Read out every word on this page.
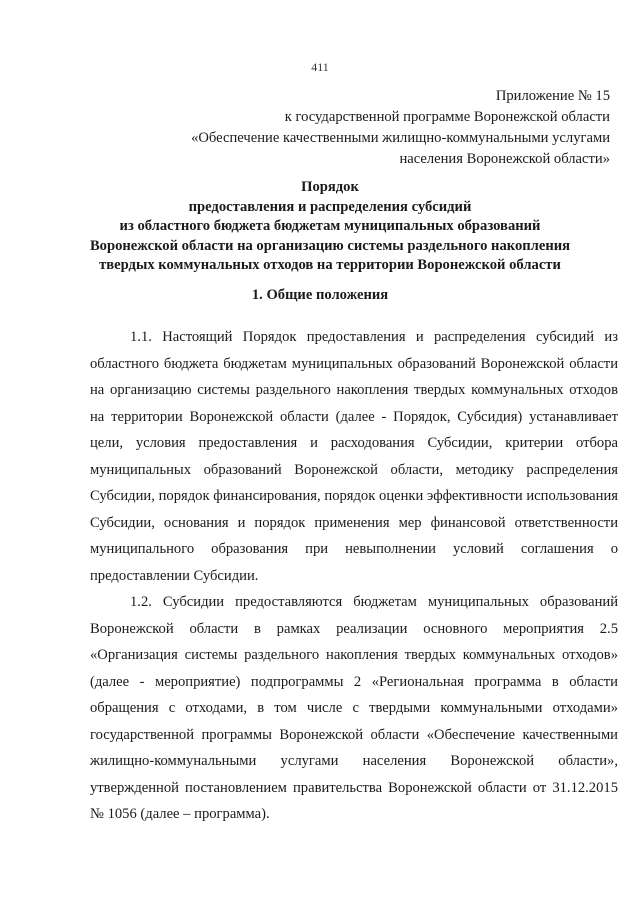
411
Приложение № 15
к государственной программе Воронежской области
«Обеспечение качественными жилищно-коммунальными услугами
населения Воронежской области»
Порядок
предоставления и распределения субсидий
из областного бюджета бюджетам муниципальных образований
Воронежской области на организацию системы раздельного накопления
твердых коммунальных отходов на территории Воронежской области
1. Общие положения

1.1. Настоящий Порядок предоставления и распределения субсидий из областного бюджета бюджетам муниципальных образований Воронежской области на организацию системы раздельного накопления твердых коммунальных отходов на территории Воронежской области (далее - Порядок, Субсидия) устанавливает цели, условия предоставления и расходования Субсидии, критерии отбора муниципальных образований Воронежской области, методику распределения Субсидии, порядок финансирования, порядок оценки эффективности использования Субсидии, основания и порядок применения мер финансовой ответственности муниципального образования при невыполнении условий соглашения о предоставлении Субсидии.

1.2. Субсидии предоставляются бюджетам муниципальных образований Воронежской области в рамках реализации основного мероприятия 2.5 «Организация системы раздельного накопления твердых коммунальных отходов» (далее - мероприятие) подпрограммы 2 «Региональная программа в области обращения с отходами, в том числе с твердыми коммунальными отходами» государственной программы Воронежской области «Обеспечение качественными жилищно-коммунальными услугами населения Воронежской области», утвержденной постановлением правительства Воронежской области от 31.12.2015 № 1056 (далее – программа).
